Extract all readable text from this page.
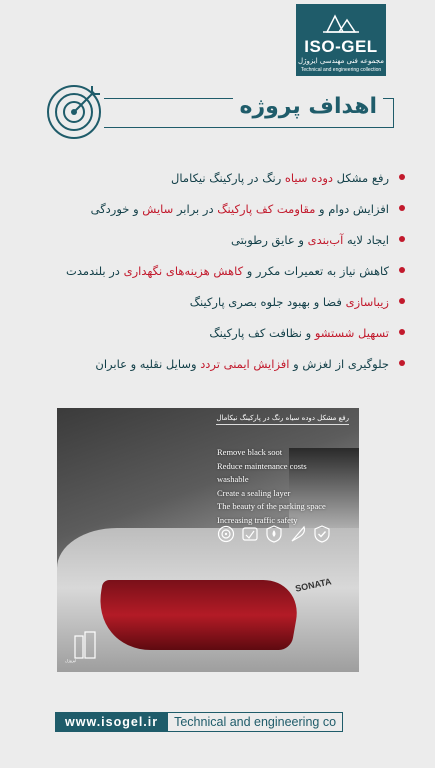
ISO-GEL
مجموعه فنی مهندسی ایزوژل
Technical and engineering collection
اهداف پروژه
رفع مشکل دوده سیاه رنگ در پارکینگ نیکامال
افزایش دوام و مقاومت کف پارکینگ در برابر سایش و خوردگی
ایجاد لایه آب‌بندی و عایق رطوبتی
کاهش نیاز به تعمیرات مکرر و کاهش هزینه‌های نگهداری در بلندمدت
زیباسازی فضا و بهبود جلوه بصری پارکینگ
تسهیل شستشو و نظافت کف پارکینگ
جلوگیری از لغزش و افزایش ایمنی تردد وسایل نقلیه و عابران
SONATA
رفع مشکل دوده سیاه رنگ در پارکینگ نیکامال
Remove black soot
Reduce maintenance costs
washable
Create a sealing layer
The beauty of the parking space
Increasing traffic safety
ایزوژل
www.isogel.ir	Technical and engineering co
